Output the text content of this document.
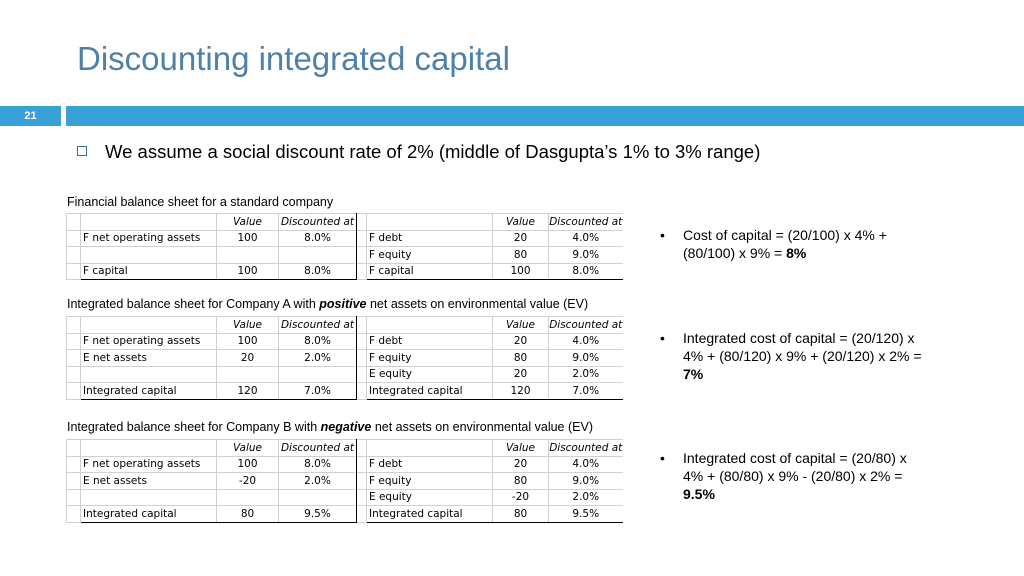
Discounting integrated capital
21
We assume a social discount rate of 2% (middle of Dasgupta’s 1% to 3% range)
Financial balance sheet for a standard company
		Value	Discounted at			Value	Discounted at
	F net operating assets	100	8.0%		F debt	20	4.0%
					F equity	80	9.0%
	F capital	100	8.0%		F capital	100	8.0%
• Cost of capital = (20/100) x 4% + (80/100) x 9% = 8%
Integrated balance sheet for Company A with positive net assets on environmental value (EV)
		Value	Discounted at			Value	Discounted at
	F net operating assets	100	8.0%		F debt	20	4.0%
	E net assets	20	2.0%		F equity	80	9.0%
					E equity	20	2.0%
	Integrated capital	120	7.0%		Integrated capital	120	7.0%
• Integrated cost of capital = (20/120) x 4% + (80/120) x 9% + (20/120) x 2% = 7%
Integrated balance sheet for Company B with negative net assets on environmental value (EV)
		Value	Discounted at			Value	Discounted at
	F net operating assets	100	8.0%		F debt	20	4.0%
	E net assets	-20	2.0%		F equity	80	9.0%
					E equity	-20	2.0%
	Integrated capital	80	9.5%		Integrated capital	80	9.5%
• Integrated cost of capital = (20/80) x 4% + (80/80) x 9% - (20/80) x 2% = 9.5%
